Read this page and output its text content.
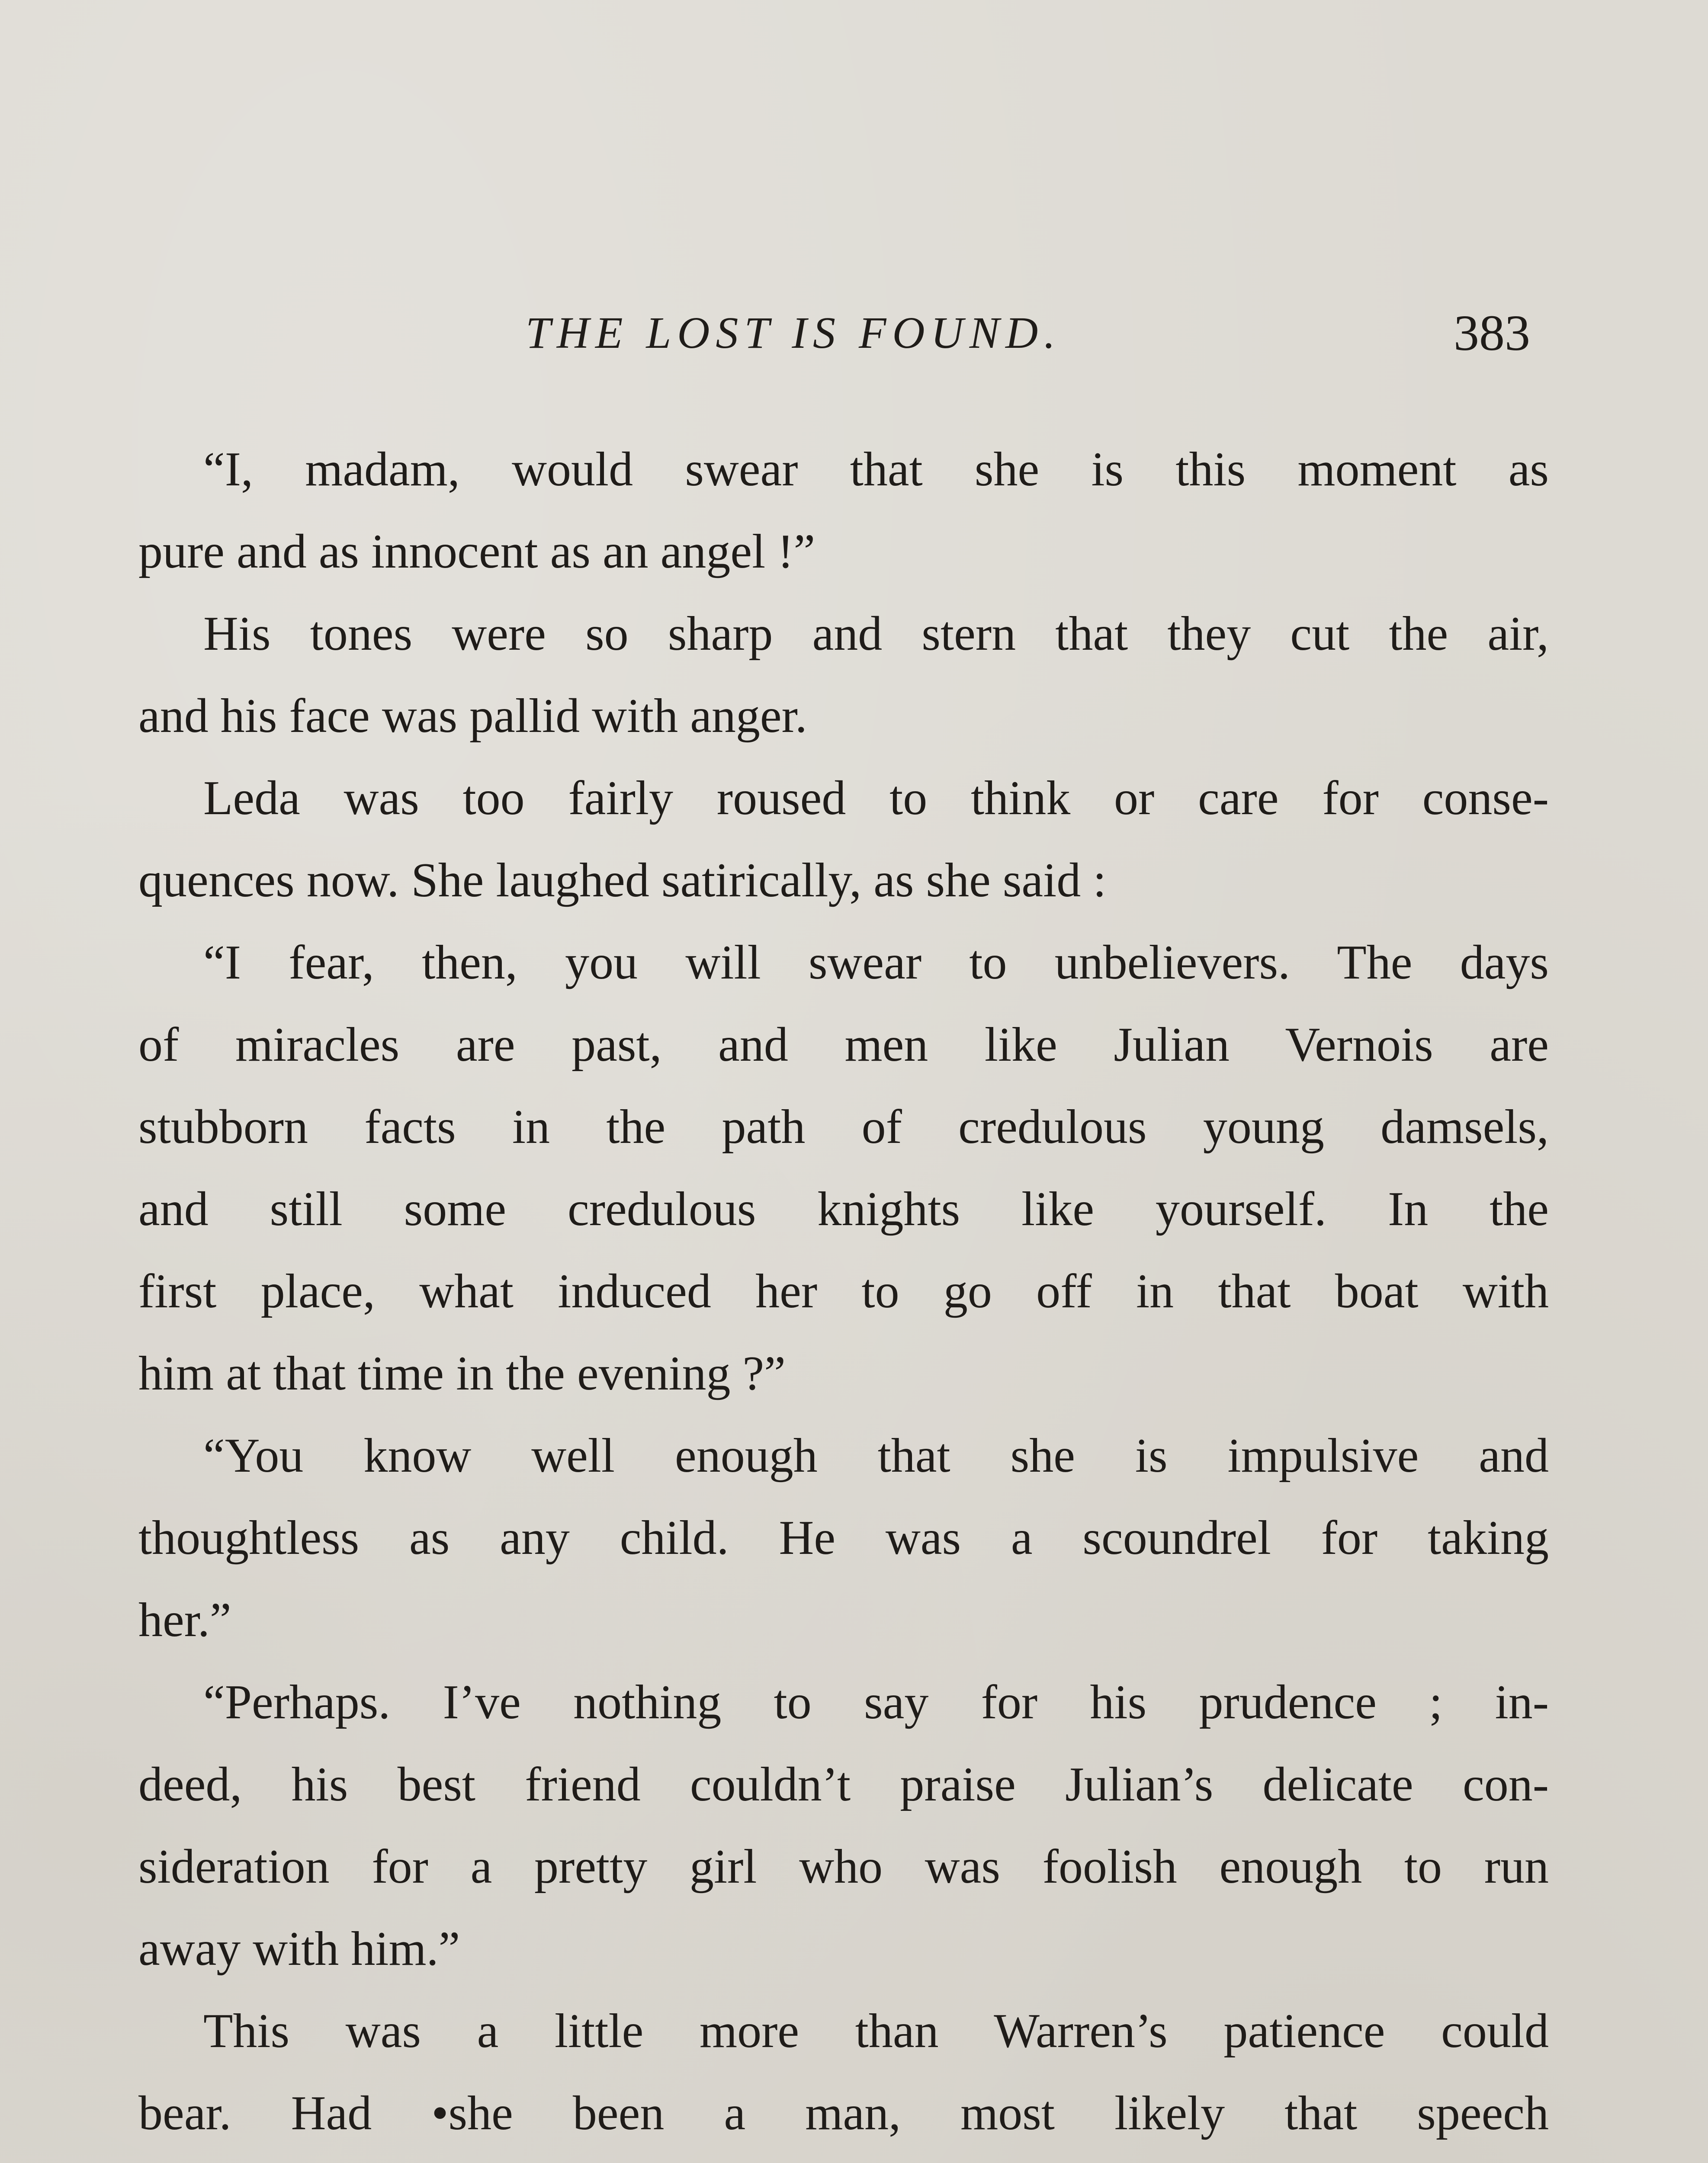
THE LOST IS FOUND.	383
“I, madam, would swear that she is this moment as
pure and as innocent as an angel !”
His tones were so sharp and stern that they cut the air,
and his face was pallid with anger.
Leda was too fairly roused to think or care for conse-
quences now. She laughed satirically, as she said :
“I fear, then, you will swear to unbelievers. The days
of miracles are past, and men like Julian Vernois are
stubborn facts in the path of credulous young damsels,
and still some credulous knights like yourself. In the
first place, what induced her to go off in that boat with
him at that time in the evening ?”
“You know well enough that she is impulsive and
thoughtless as any child. He was a scoundrel for taking
her.”
“Perhaps. I’ve nothing to say for his prudence ; in-
deed, his best friend couldn’t praise Julian’s delicate con-
sideration for a pretty girl who was foolish enough to run
away with him.”
This was a little more than Warren’s patience could
bear. Had •she been a man, most likely that speech
